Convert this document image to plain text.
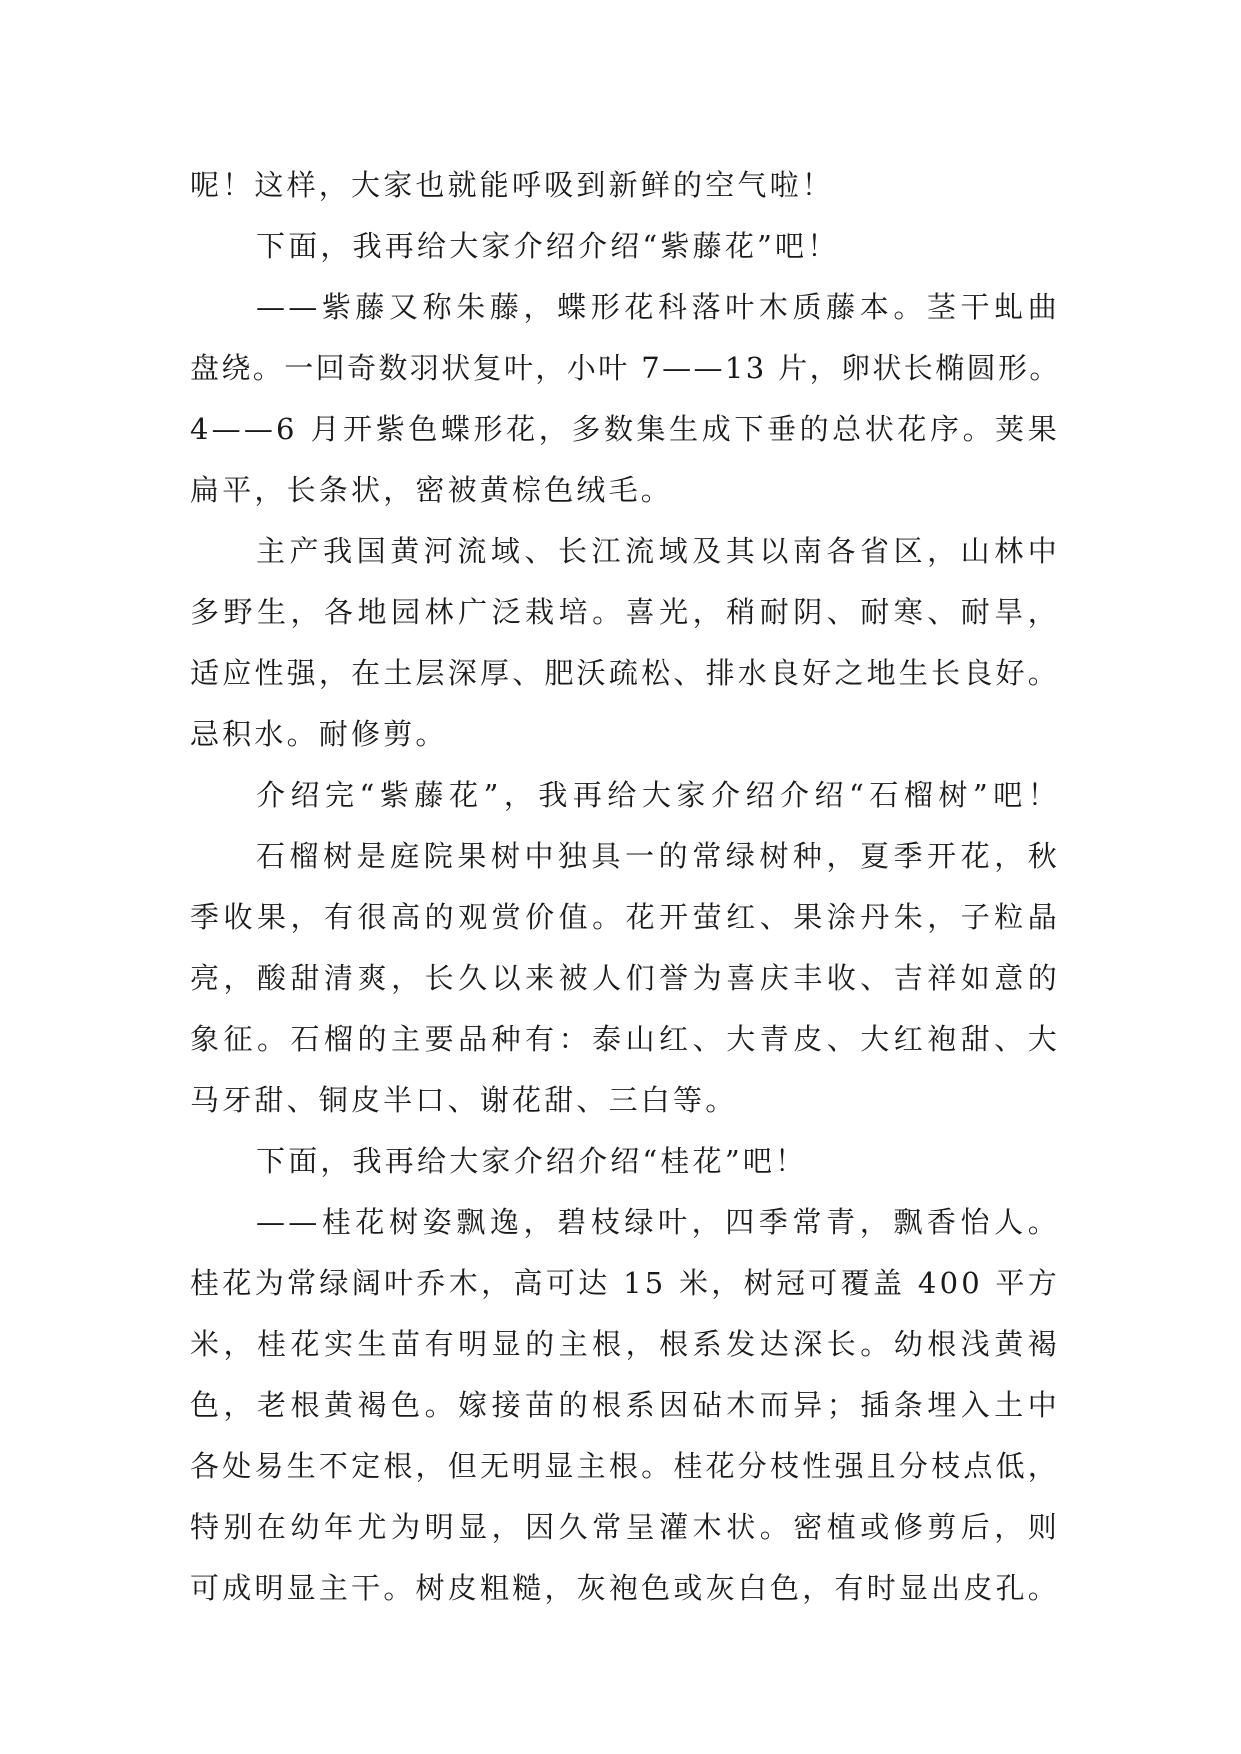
呢！这样，大家也就能呼吸到新鲜的空气啦！
下面，我再给大家介绍介绍“紫藤花”吧！
——紫藤又称朱藤，蝶形花科落叶木质藤本。茎干虬曲
盘绕。一回奇数羽状复叶，小叶 7——13 片，卵状长椭圆形。
4——6 月开紫色蝶形花，多数集生成下垂的总状花序。荚果
扁平，长条状，密被黄棕色绒毛。
主产我国黄河流域、长江流域及其以南各省区，山林中
多野生，各地园林广泛栽培。喜光，稍耐阴、耐寒、耐旱，
适应性强，在土层深厚、肥沃疏松、排水良好之地生长良好。
忌积水。耐修剪。
介绍完“紫藤花”，我再给大家介绍介绍“石榴树”吧！
石榴树是庭院果树中独具一的常绿树种，夏季开花，秋
季收果，有很高的观赏价值。花开萤红、果涂丹朱，子粒晶
亮，酸甜清爽，长久以来被人们誉为喜庆丰收、吉祥如意的
象征。石榴的主要品种有：泰山红、大青皮、大红袍甜、大
马牙甜、铜皮半口、谢花甜、三白等。
下面，我再给大家介绍介绍“桂花”吧！
——桂花树姿飘逸，碧枝绿叶，四季常青，飘香怡人。
桂花为常绿阔叶乔木，高可达 15 米，树冠可覆盖 400 平方
米，桂花实生苗有明显的主根，根系发达深长。幼根浅黄褐
色，老根黄褐色。嫁接苗的根系因砧木而异；插条埋入土中
各处易生不定根，但无明显主根。桂花分枝性强且分枝点低，
特别在幼年尤为明显，因久常呈灌木状。密植或修剪后，则
可成明显主干。树皮粗糙，灰袍色或灰白色，有时显出皮孔。
